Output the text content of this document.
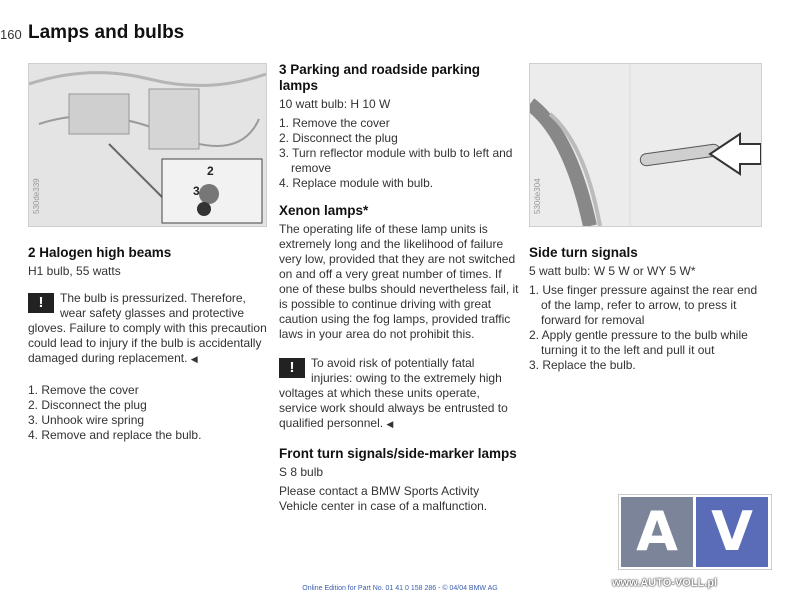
160 Lamps and bulbs
2
3
530de339	530de304
2 Halogen high beams

H1 bulb, 55 watts

!	The bulb is pressurized. Therefore, wear safety glasses and protective gloves. Failure to comply with this precaution could lead to injury if the bulb is accidentally damaged during replacement. ◀

1. Remove the cover
2. Disconnect the plug
3. Unhook wire spring
4. Remove and replace the bulb.
3 Parking and roadside parking lamps

10 watt bulb: H 10 W

1. Remove the cover
2. Disconnect the plug
3. Turn reflector module with bulb to left and remove
4. Replace module with bulb.
Xenon lamps*

The operating life of these lamp units is extremely long and the likelihood of failure very low, provided that they are not switched on and off a very great number of times. If one of these bulbs should nevertheless fail, it is possible to continue driving with great caution using the fog lamps, provided traffic laws in your area do not prohibit this.

!	To avoid risk of potentially fatal injuries: owing to the extremely high voltages at which these units operate, service work should always be entrusted to qualified personnel. ◀

Front turn signals/side-marker lamps

S 8 bulb

Please contact a BMW Sports Activity Vehicle center in case of a malfunction.

Side turn signals

5 watt bulb: W 5 W or WY 5 W*

1. Use finger pressure against the rear end of the lamp, refer to arrow, to press it forward for removal
2. Apply gentle pressure to the bulb while turning it to the left and pull it out
3. Replace the bulb.
A V
www.AUTO-VOLL.pl
Online Edition for Part No. 01 41 0 158 286 - © 04/04 BMW AG
